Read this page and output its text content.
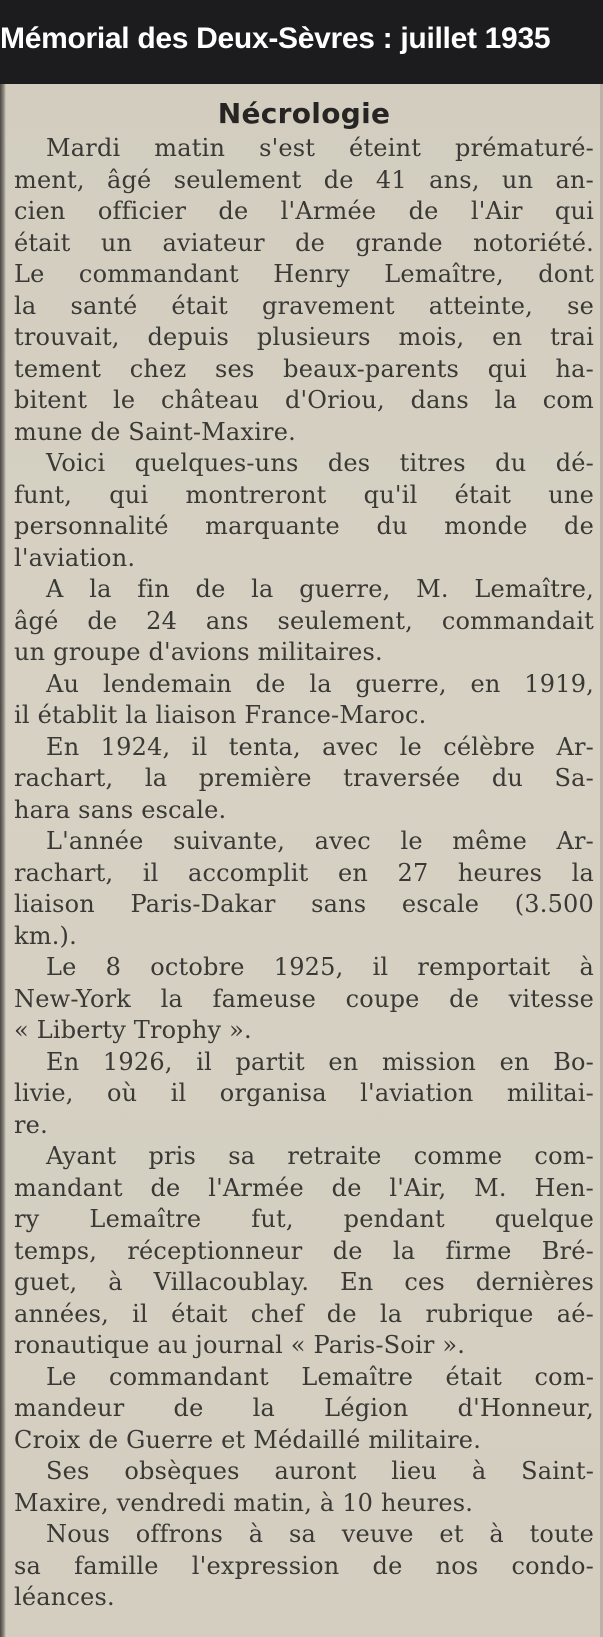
Mémorial des Deux-Sèvres : juillet 1935
Nécrologie
Mardi matin s'est éteint prématuré-
ment, âgé seulement de 41 ans, un an-
cien officier de l'Armée de l'Air qui
était un aviateur de grande notoriété.
Le commandant Henry Lemaître, dont
la santé était gravement atteinte, se
trouvait, depuis plusieurs mois, en trai
tement chez ses beaux-parents qui ha-
bitent le château d'Oriou, dans la com
mune de Saint-Maxire.
Voici quelques-uns des titres du dé-
funt, qui montreront qu'il était une
personnalité marquante du monde de
l'aviation.
A la fin de la guerre, M. Lemaître,
âgé de 24 ans seulement, commandait
un groupe d'avions militaires.
Au lendemain de la guerre, en 1919,
il établit la liaison France-Maroc.
En 1924, il tenta, avec le célèbre Ar-
rachart, la première traversée du Sa-
hara sans escale.
L'année suivante, avec le même Ar-
rachart, il accomplit en 27 heures la
liaison Paris-Dakar sans escale (3.500
km.).
Le 8 octobre 1925, il remportait à
New-York la fameuse coupe de vitesse
« Liberty Trophy ».
En 1926, il partit en mission en Bo-
livie, où il organisa l'aviation militai-
re.
Ayant pris sa retraite comme com-
mandant de l'Armée de l'Air, M. Hen-
ry Lemaître fut, pendant quelque
temps, réceptionneur de la firme Bré-
guet, à Villacoublay. En ces dernières
années, il était chef de la rubrique aé-
ronautique au journal « Paris-Soir ».
Le commandant Lemaître était com-
mandeur de la Légion d'Honneur,
Croix de Guerre et Médaillé militaire.
Ses obsèques auront lieu à Saint-
Maxire, vendredi matin, à 10 heures.
Nous offrons à sa veuve et à toute
sa famille l'expression de nos condo-
léances.
